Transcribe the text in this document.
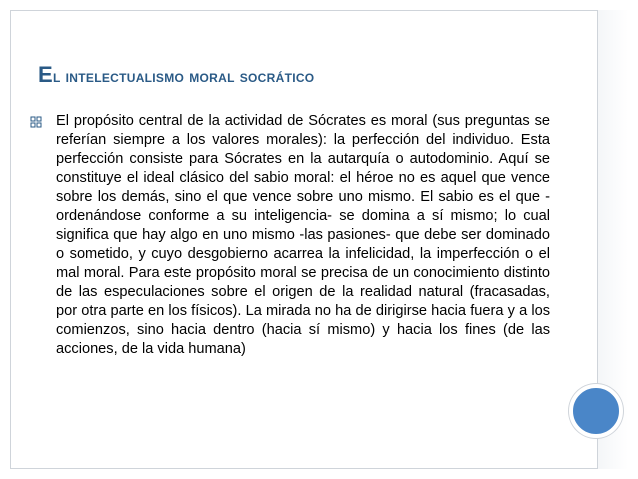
El intelectualismo moral socrático
El propósito central de la actividad de Sócrates es moral (sus preguntas se referían siempre a los valores morales): la perfección del individuo. Esta perfección consiste para Sócrates en la autarquía o autodominio. Aquí se constituye el ideal clásico del sabio moral: el héroe no es aquel que vence sobre los demás, sino el que vence sobre uno mismo. El sabio es el que -ordenándose conforme a su inteligencia- se domina a sí mismo; lo cual significa que hay algo en uno mismo -las pasiones- que debe ser dominado o sometido, y cuyo desgobierno acarrea la infelicidad, la imperfección o el mal moral. Para este propósito moral se precisa de un conocimiento distinto de las especulaciones sobre el origen de la realidad natural (fracasadas, por otra parte en los físicos). La mirada no ha de dirigirse hacia fuera y a los comienzos, sino hacia dentro (hacia sí mismo) y hacia los fines (de las acciones, de la vida humana)
